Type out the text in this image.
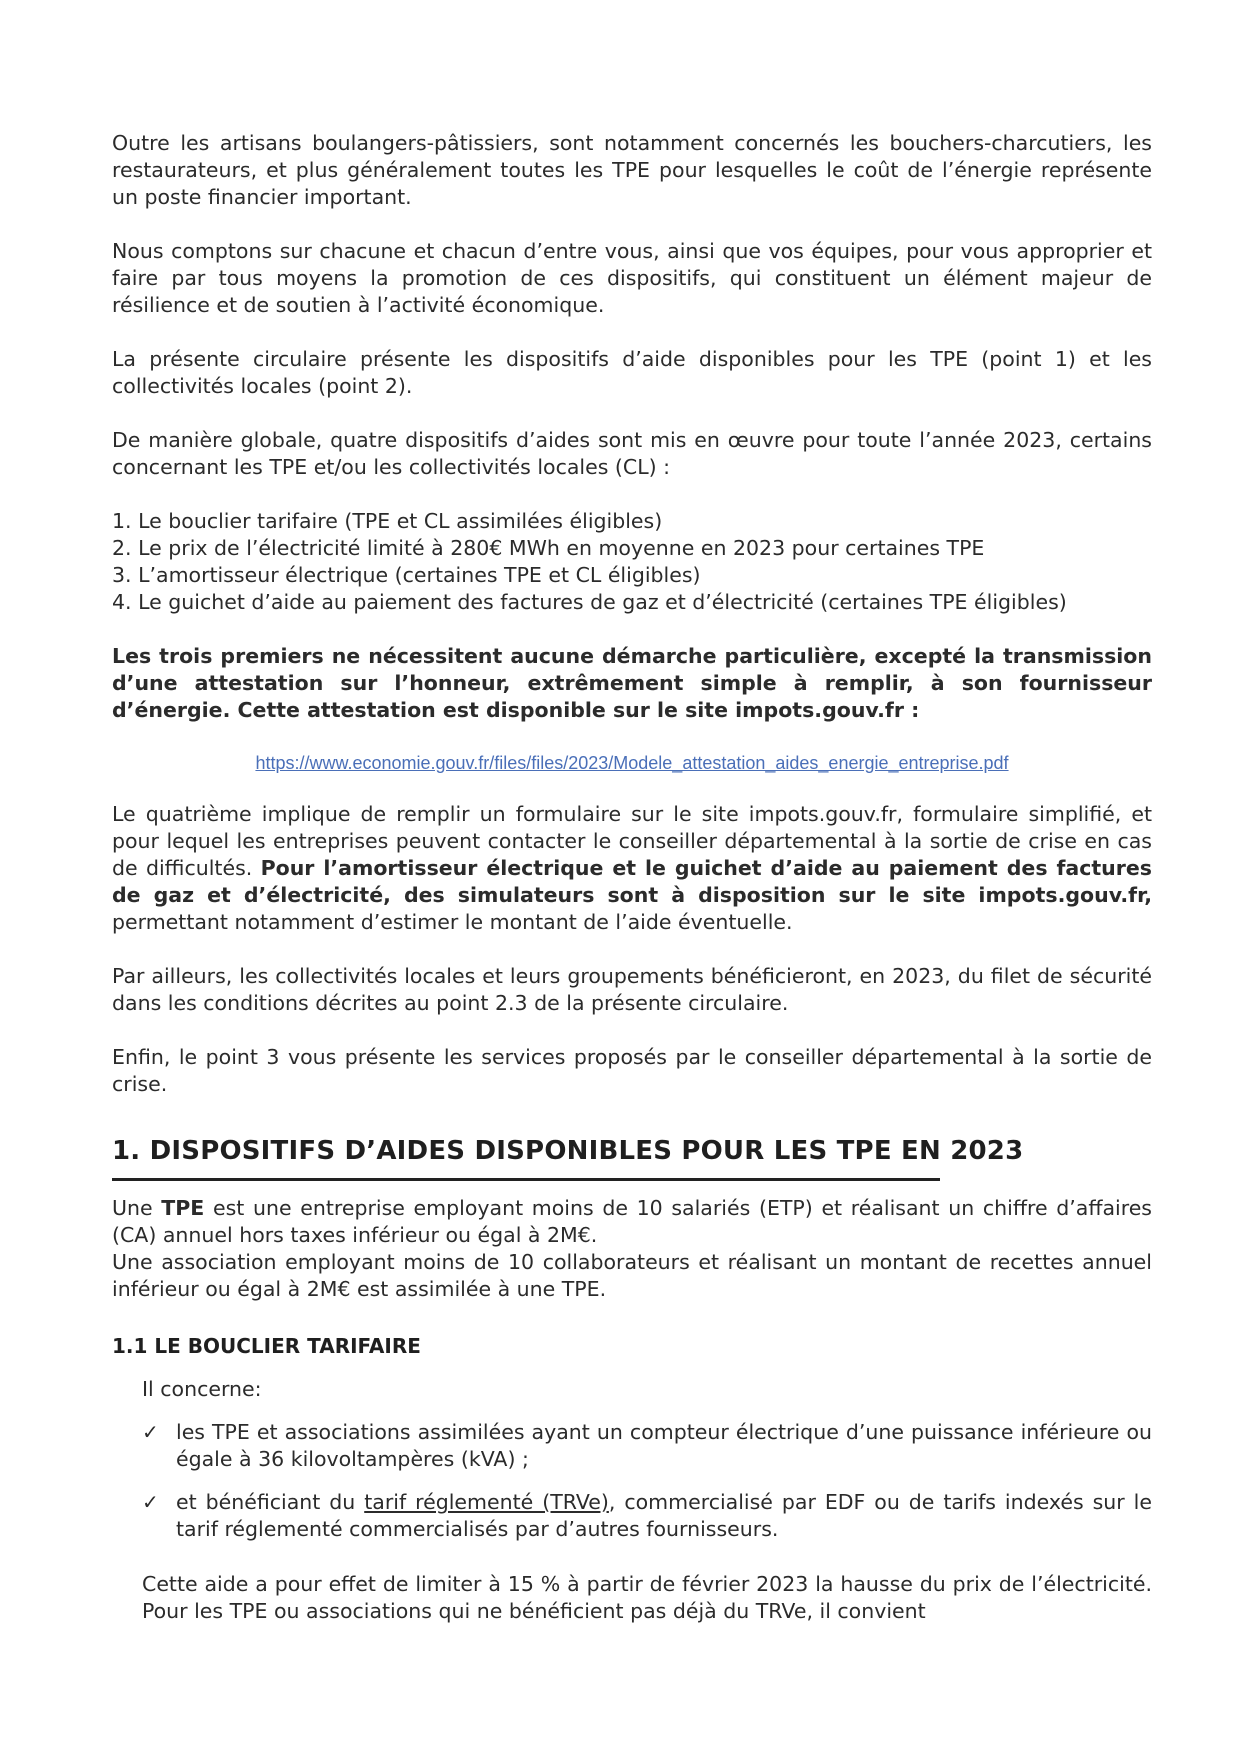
Outre les artisans boulangers-pâtissiers, sont notamment concernés les bouchers-charcutiers, les restaurateurs, et plus généralement toutes les TPE pour lesquelles le coût de l’énergie représente un poste financier important.

Nous comptons sur chacune et chacun d’entre vous, ainsi que vos équipes, pour vous approprier et faire par tous moyens la promotion de ces dispositifs, qui constituent un élément majeur de résilience et de soutien à l’activité économique.

La présente circulaire présente les dispositifs d’aide disponibles pour les TPE (point 1) et les collectivités locales (point 2).

De manière globale, quatre dispositifs d’aides sont mis en œuvre pour toute l’année 2023, certains concernant les TPE et/ou les collectivités locales (CL) :

1. Le bouclier tarifaire (TPE et CL assimilées éligibles)
2. Le prix de l’électricité limité à 280€ MWh en moyenne en 2023 pour certaines TPE
3. L’amortisseur électrique (certaines TPE et CL éligibles)
4. Le guichet d’aide au paiement des factures de gaz et d’électricité (certaines TPE éligibles)

Les trois premiers ne nécessitent aucune démarche particulière, excepté la transmission d’une attestation sur l’honneur, extrêmement simple à remplir, à son fournisseur d’énergie. Cette attestation est disponible sur le site impots.gouv.fr :

https://www.economie.gouv.fr/files/files/2023/Modele_attestation_aides_energie_entreprise.pdf

Le quatrième implique de remplir un formulaire sur le site impots.gouv.fr, formulaire simplifié, et pour lequel les entreprises peuvent contacter le conseiller départemental à la sortie de crise en cas de difficultés. Pour l’amortisseur électrique et le guichet d’aide au paiement des factures de gaz et d’électricité, des simulateurs sont à disposition sur le site impots.gouv.fr, permettant notamment d’estimer le montant de l’aide éventuelle.

Par ailleurs, les collectivités locales et leurs groupements bénéficieront, en 2023, du filet de sécurité dans les conditions décrites au point 2.3 de la présente circulaire.

Enfin, le point 3 vous présente les services proposés par le conseiller départemental à la sortie de crise.

1. DISPOSITIFS D’AIDES DISPONIBLES POUR LES TPE EN 2023

Une TPE est une entreprise employant moins de 10 salariés (ETP) et réalisant un chiffre d’affaires (CA) annuel hors taxes inférieur ou égal à 2M€.

Une association employant moins de 10 collaborateurs et réalisant un montant de recettes annuel inférieur ou égal à 2M€ est assimilée à une TPE.

1.1 LE BOUCLIER TARIFAIRE

Il concerne:

✓ les TPE et associations assimilées ayant un compteur électrique d’une puissance inférieure ou égale à 36 kilovoltampères (kVA) ;
✓ et bénéficiant du tarif réglementé (TRVe), commercialisé par EDF ou de tarifs indexés sur le tarif réglementé commercialisés par d’autres fournisseurs.

Cette aide a pour effet de limiter à 15 % à partir de février 2023 la hausse du prix de l’électricité. Pour les TPE ou associations qui ne bénéficient pas déjà du TRVe, il convient
